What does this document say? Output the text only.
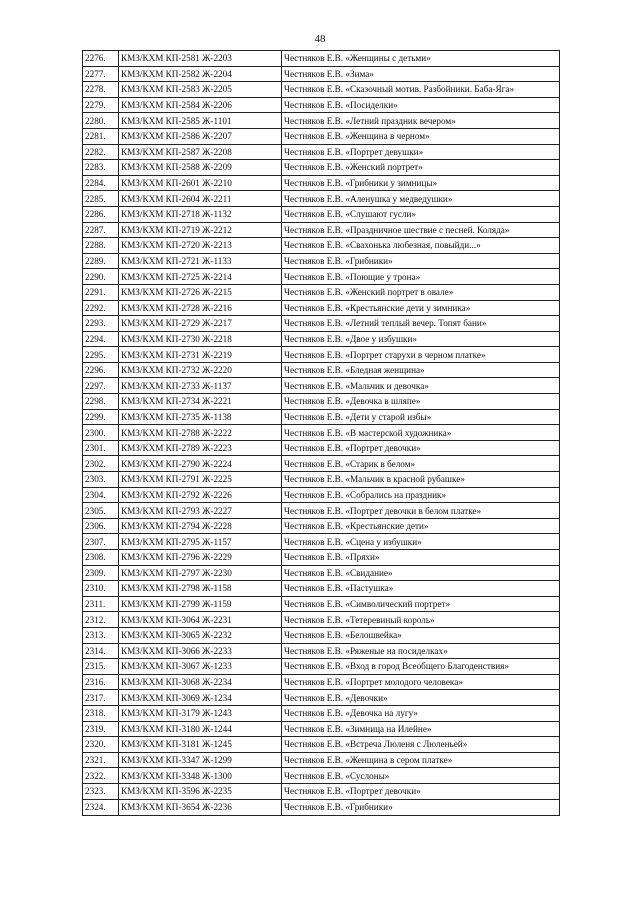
48
2276.	КМЗ/КХМ КП-2581 Ж-2203	Честняков Е.В. «Женщины с детьми»
2277.	КМЗ/КХМ КП-2582 Ж-2204	Честняков Е.В. «Зима»
2278.	КМЗ/КХМ КП-2583 Ж-2205	Честняков Е.В. «Сказочный мотив. Разбойники. Баба-Яга»
2279.	КМЗ/КХМ КП-2584 Ж-2206	Честняков Е.В. «Посиделки»
2280.	КМЗ/КХМ КП-2585 Ж-1101	Честняков Е.В. «Летний праздник вечером»
2281.	КМЗ/КХМ КП-2586 Ж-2207	Честняков Е.В. «Женщина в черном»
2282.	КМЗ/КХМ КП-2587 Ж-2208	Честняков Е.В. «Портрет девушки»
2283.	КМЗ/КХМ КП-2588 Ж-2209	Честняков Е.В. «Женский портрет»
2284.	КМЗ/КХМ КП-2601 Ж-2210	Честняков Е.В. «Грибники у зимницы»
2285.	КМЗ/КХМ КП-2604 Ж-2211	Честняков Е.В. «Аленушка у медведушки»
2286.	КМЗ/КХМ КП-2718 Ж-1132	Честняков Е.В. «Слушают гусли»
2287.	КМЗ/КХМ КП-2719 Ж-2212	Честняков Е.В. «Праздничное шествие с песней. Коляда»
2288.	КМЗ/КХМ КП-2720 Ж-2213	Честняков Е.В. «Свахонька любезная, повыйди...»
2289.	КМЗ/КХМ КП-2721 Ж-1133	Честняков Е.В. «Грибники»
2290.	КМЗ/КХМ КП-2725 Ж-2214	Честняков Е.В. «Поющие у трона»
2291.	КМЗ/КХМ КП-2726 Ж-2215	Честняков Е.В. «Женский портрет в овале»
2292.	КМЗ/КХМ КП-2728 Ж-2216	Честняков Е.В. «Крестьянские дети у зимника»
2293.	КМЗ/КХМ КП-2729 Ж-2217	Честняков Е.В. «Летний теплый вечер. Топят бани»
2294.	КМЗ/КХМ КП-2730 Ж-2218	Честняков Е.В. «Двое у избушки»
2295.	КМЗ/КХМ КП-2731 Ж-2219	Честняков Е.В. «Портрет старухи в черном платке»
2296.	КМЗ/КХМ КП-2732 Ж-2220	Честняков Е.В. «Бледная женщина»
2297.	КМЗ/КХМ КП-2733 Ж-1137	Честняков Е.В. «Мальчик и девочка»
2298.	КМЗ/КХМ КП-2734 Ж-2221	Честняков Е.В. «Девочка в шляпе»
2299.	КМЗ/КХМ КП-2735 Ж-1138	Честняков Е.В. «Дети у старой избы»
2300.	КМЗ/КХМ КП-2788 Ж-2222	Честняков Е.В. «В мастерской художника»
2301.	КМЗ/КХМ КП-2789 Ж-2223	Честняков Е.В. «Портрет девочки»
2302.	КМЗ/КХМ КП-2790 Ж-2224	Честняков Е.В. «Старик в белом»
2303.	КМЗ/КХМ КП-2791 Ж-2225	Честняков Е.В. «Мальчик в красной рубашке»
2304.	КМЗ/КХМ КП-2792 Ж-2226	Честняков Е.В. «Собрались на праздник»
2305.	КМЗ/КХМ КП-2793 Ж-2227	Честняков Е.В. «Портрет девочки в белом платке»
2306.	КМЗ/КХМ КП-2794 Ж-2228	Честняков Е.В. «Крестьянские дети»
2307.	КМЗ/КХМ КП-2795 Ж-1157	Честняков Е.В. «Сцена у избушки»
2308.	КМЗ/КХМ КП-2796 Ж-2229	Честняков Е.В. «Пряхи»
2309.	КМЗ/КХМ КП-2797 Ж-2230	Честняков Е.В. «Свидание»
2310.	КМЗ/КХМ КП-2798 Ж-1158	Честняков Е.В. «Пастушка»
2311.	КМЗ/КХМ КП-2799 Ж-1159	Честняков Е.В. «Символический портрет»
2312.	КМЗ/КХМ КП-3064 Ж-2231	Честняков Е.В. «Тетеревиный король»
2313.	КМЗ/КХМ КП-3065 Ж-2232	Честняков Е.В. «Белошвейка»
2314.	КМЗ/КХМ КП-3066 Ж-2233	Честняков Е.В. «Ряженые на посиделках»
2315.	КМЗ/КХМ КП-3067 Ж-1233	Честняков Е.В. «Вход в город Всеобщего Благоденствия»
2316.	КМЗ/КХМ КП-3068 Ж-2234	Честняков Е.В. «Портрет молодого человека»
2317.	КМЗ/КХМ КП-3069 Ж-1234	Честняков Е.В. «Девочки»
2318.	КМЗ/КХМ КП-3179 Ж-1243	Честняков Е.В. «Девочка на лугу»
2319.	КМЗ/КХМ КП-3180 Ж-1244	Честняков Е.В. «Зимница на Илейне»
2320.	КМЗ/КХМ КП-3181 Ж-1245	Честняков Е.В. «Встреча Люленя с Люленьей»
2321.	КМЗ/КХМ КП-3347 Ж-1299	Честняков Е.В. «Женщина в сером платке»
2322.	КМЗ/КХМ КП-3348 Ж-1300	Честняков Е.В. «Суслоны»
2323.	КМЗ/КХМ КП-3596 Ж-2235	Честняков Е.В. «Портрет девочки»
2324.	КМЗ/КХМ КП-3654 Ж-2236	Честняков Е.В. «Грибники»
